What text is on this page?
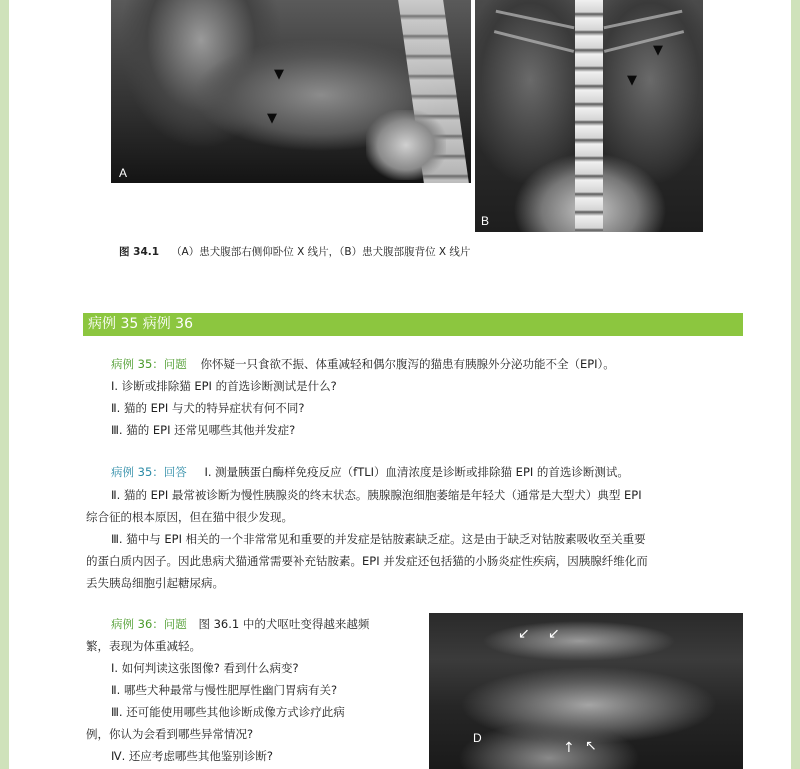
▼
▼
A
▼
▼
B
图 34.1 （A）患犬腹部右侧仰卧位 X 线片，（B）患犬腹部腹背位 X 线片
病例 35 病例 36
病例 35：问题 你怀疑一只食欲不振、体重减轻和偶尔腹泻的猫患有胰腺外分泌功能不全（EPI）。
Ⅰ. 诊断或排除猫 EPI 的首选诊断测试是什么?
Ⅱ. 猫的 EPI 与犬的特异症状有何不同?
Ⅲ. 猫的 EPI 还常见哪些其他并发症?
病例 35：回答 Ⅰ. 测量胰蛋白酶样免疫反应（fTLI）血清浓度是诊断或排除猫 EPI 的首选诊断测试。
Ⅱ. 猫的 EPI 最常被诊断为慢性胰腺炎的终末状态。胰腺腺泡细胞萎缩是年轻犬（通常是大型犬）典型 EPI
综合征的根本原因，但在猫中很少发现。
Ⅲ. 猫中与 EPI 相关的一个非常常见和重要的并发症是钴胺素缺乏症。这是由于缺乏对钴胺素吸收至关重要
的蛋白质内因子。因此患病犬猫通常需要补充钴胺素。EPI 并发症还包括猫的小肠炎症性疾病，因胰腺纤维化而
丢失胰岛细胞引起糖尿病。
病例 36：问题 图 36.1 中的犬呕吐变得越来越频
繁，表现为体重减轻。
Ⅰ. 如何判读这张图像? 看到什么病变?
Ⅱ. 哪些犬种最常与慢性肥厚性幽门胃病有关?
Ⅲ. 还可能使用哪些其他诊断成像方式诊疗此病
例，你认为会看到哪些异常情况?
Ⅳ. 还应考虑哪些其他鉴别诊断?
↙ ↙
↑ ↖
D
